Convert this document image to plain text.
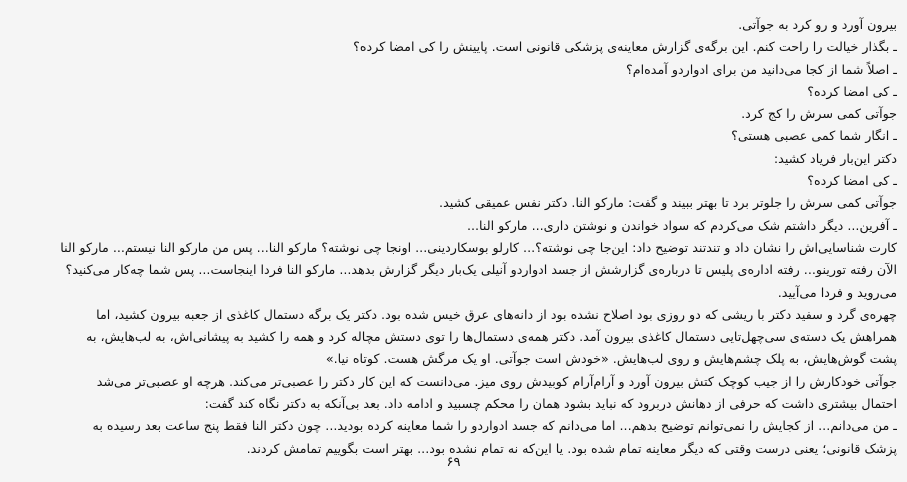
بیرون آورد و رو کرد به جوآتی.
ـ بگذار خیالت را راحت کنم. این برگه‌ی گزارش معاینه‌ی پزشکی قانونی است. پایینش را کی امضا کرده؟
ـ اصلاً شما از کجا می‌دانید من برای ادواردو آمده‌ام؟
ـ کی امضا کرده؟
جوآتی کمی سرش را کج کرد.
ـ انگار شما کمی عصبی هستی؟
دکتر این‌بار فریاد کشید:
ـ کی امضا کرده؟
جوآتی کمی سرش را جلوتر برد تا بهتر ببیند و گفت: مارکو النا. دکتر نفس عمیقی کشید.
ـ آفرین... دیگر داشتم شک می‌کردم که سواد خواندن و نوشتن داری... مارکو النا...
کارت شناسایی‌اش را نشان داد و تندتند توضیح داد: این‌جا چی نوشته؟... کارلو بوسکاردینی... اونجا چی نوشته؟ مارکو النا... پس من مارکو النا نیستم... مارکو النا
الآن رفته تورینو... رفته اداره‌ی پلیس تا درباره‌ی گزارشش از جسد ادواردو آنیلی یک‌بار دیگر گزارش بدهد... مارکو النا فردا اینجاست... پس شما چه‌کار می‌کنید؟
می‌روید و فردا می‌آیید.
چهره‌ی گرد و سفید دکتر با ریشی که دو روزی بود اصلاح نشده بود از دانه‌های عرق خیس شده بود. دکتر یک برگه دستمال کاغذی از جعبه بیرون کشید، اما
همراهش یک دسته‌ی سی‌چهل‌تایی دستمال کاغذی بیرون آمد. دکتر همه‌ی دستمال‌ها را توی دستش مچاله کرد و همه را کشید به پیشانی‌اش، به لب‌هایش، به
پشت گوش‌هایش، به پلک چشم‌هایش و روی لب‌هایش. «خودش است جوآتی. او یک مرگش هست. کوتاه نیا.»
جوآتی خودکارش را از جیب کوچک کتش بیرون آورد و آرام‌آرام کوبیدش روی میز. می‌دانست که این کار دکتر را عصبی‌تر می‌کند. هرچه او عصبی‌تر می‌شد
احتمال بیشتری داشت که حرفی از دهانش دربرود که نباید بشود همان را محکم چسبید و ادامه داد. بعد بی‌آنکه به دکتر نگاه کند گفت:
ـ من می‌دانم... از کجایش را نمی‌توانم توضیح بدهم... اما می‌دانم که جسد ادواردو را شما معاینه کرده بودید... چون دکتر النا فقط پنج ساعت بعد رسیده به
پزشک قانونی؛ یعنی درست وقتی که دیگر معاینه تمام شده بود. یا این‌که نه تمام نشده بود... بهتر است بگوییم تمامش کردند.
۶۹
